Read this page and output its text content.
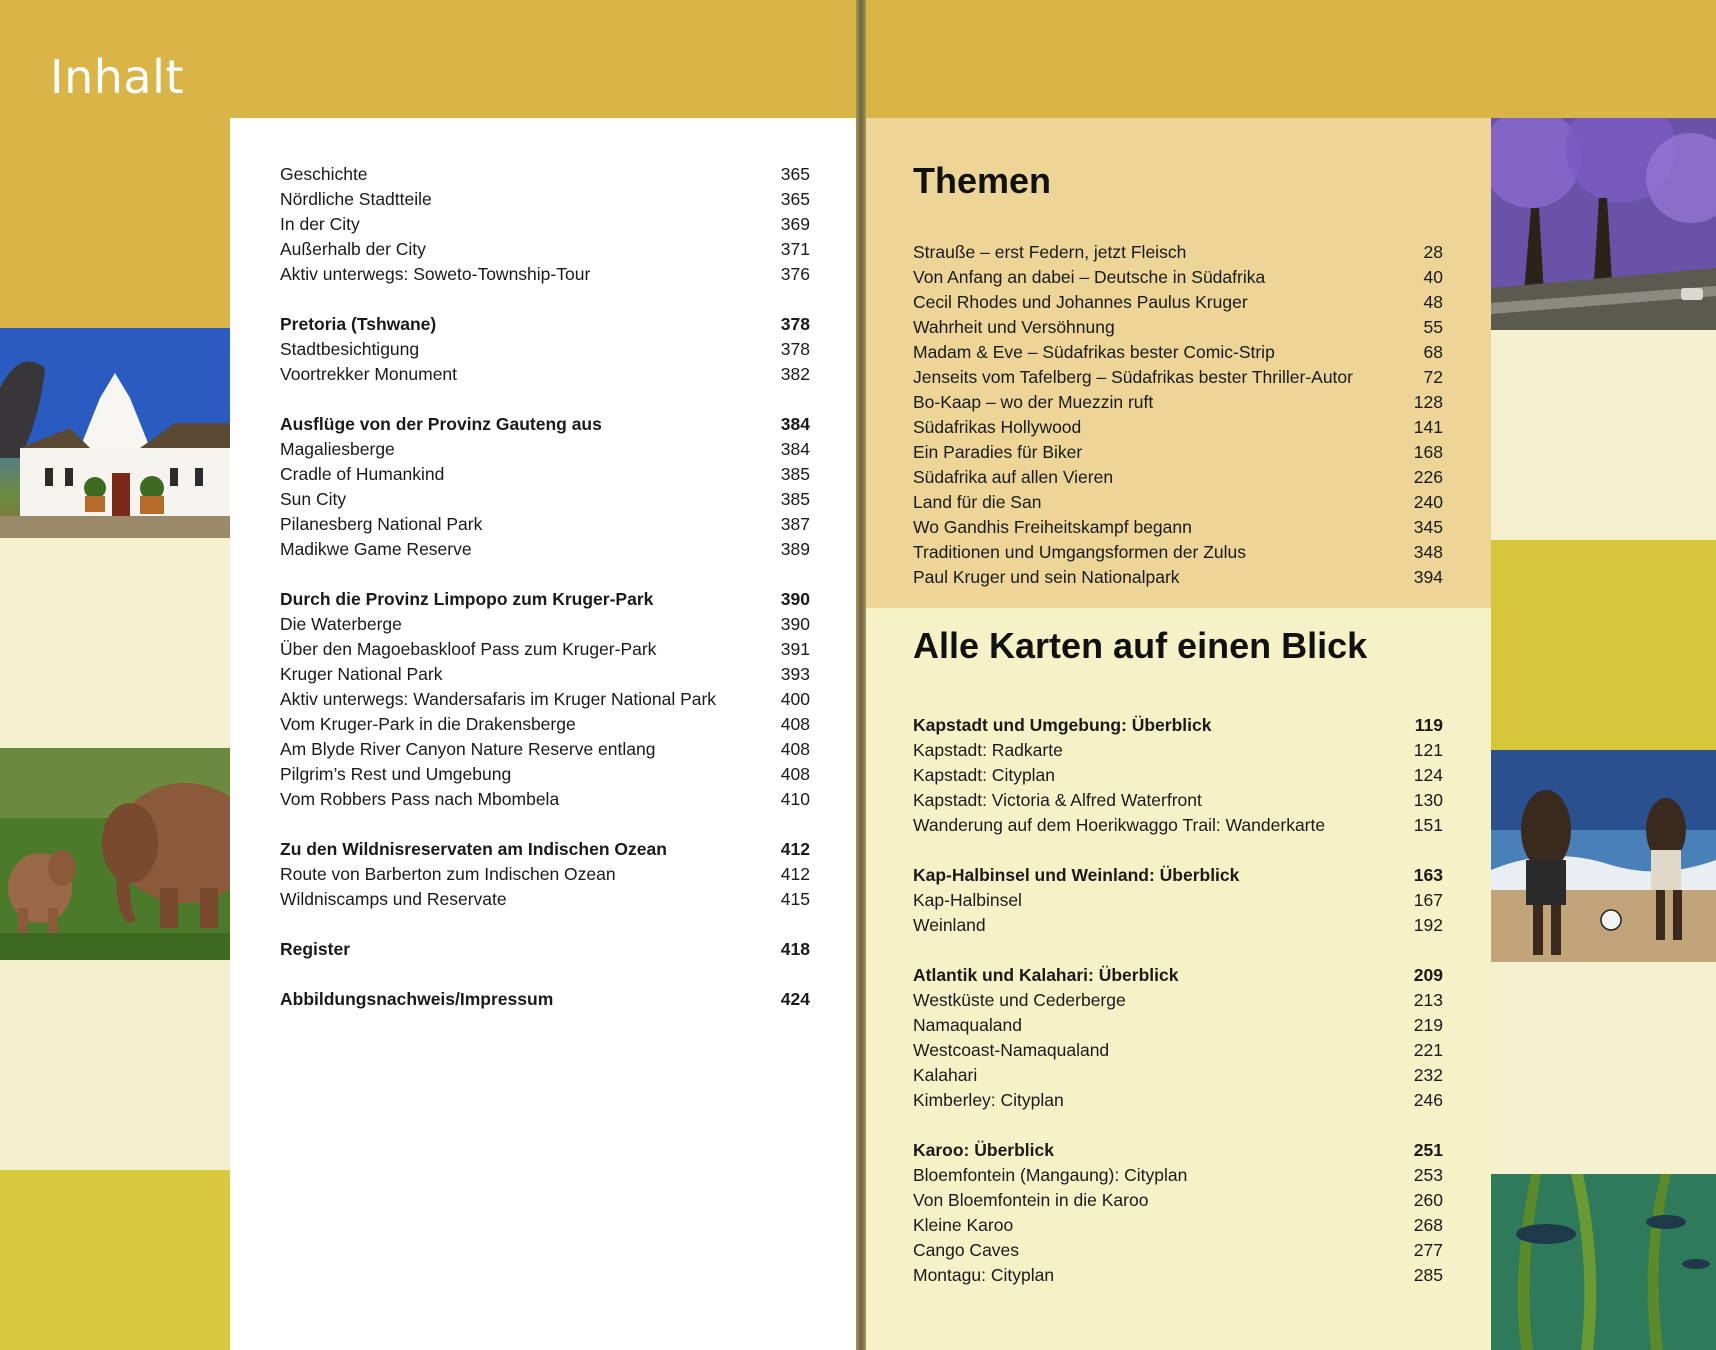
Inhalt
Geschichte	365
Nördliche Stadtteile	365
In der City	369
Außerhalb der City	371
Aktiv unterwegs: Soweto-Township-Tour	376
Pretoria (Tshwane)	378
Stadtbesichtigung	378
Voortrekker Monument	382
Ausflüge von der Provinz Gauteng aus	384
Magaliesberge	384
Cradle of Humankind	385
Sun City	385
Pilanesberg National Park	387
Madikwe Game Reserve	389
Durch die Provinz Limpopo zum Kruger-Park	390
Die Waterberge	390
Über den Magoebaskloof Pass zum Kruger-Park	391
Kruger National Park	393
Aktiv unterwegs: Wandersafaris im Kruger National Park	400
Vom Kruger-Park in die Drakensberge	408
Am Blyde River Canyon Nature Reserve entlang	408
Pilgrim’s Rest und Umgebung	408
Vom Robbers Pass nach Mbombela	410
Zu den Wildnisreservaten am Indischen Ozean	412
Route von Barberton zum Indischen Ozean	412
Wildniscamps und Reservate	415
Register	418
Abbildungsnachweis/Impressum	424
Themen
Strauße – erst Federn, jetzt Fleisch	28
Von Anfang an dabei – Deutsche in Südafrika	40
Cecil Rhodes und Johannes Paulus Kruger	48
Wahrheit und Versöhnung	55
Madam & Eve – Südafrikas bester Comic-Strip	68
Jenseits vom Tafelberg – Südafrikas bester Thriller-Autor	72
Bo-Kaap – wo der Muezzin ruft	128
Südafrikas Hollywood	141
Ein Paradies für Biker	168
Südafrika auf allen Vieren	226
Land für die San	240
Wo Gandhis Freiheitskampf begann	345
Traditionen und Umgangsformen der Zulus	348
Paul Kruger und sein Nationalpark	394
Alle Karten auf einen Blick
Kapstadt und Umgebung: Überblick	119
Kapstadt: Radkarte	121
Kapstadt: Cityplan	124
Kapstadt: Victoria & Alfred Waterfront	130
Wanderung auf dem Hoerikwaggo Trail: Wanderkarte	151
Kap-Halbinsel und Weinland: Überblick	163
Kap-Halbinsel	167
Weinland	192
Atlantik und Kalahari: Überblick	209
Westküste und Cederberge	213
Namaqualand	219
Westcoast-Namaqualand	221
Kalahari	232
Kimberley: Cityplan	246
Karoo: Überblick	251
Bloemfontein (Mangaung): Cityplan	253
Von Bloemfontein in die Karoo	260
Kleine Karoo	268
Cango Caves	277
Montagu: Cityplan	285
